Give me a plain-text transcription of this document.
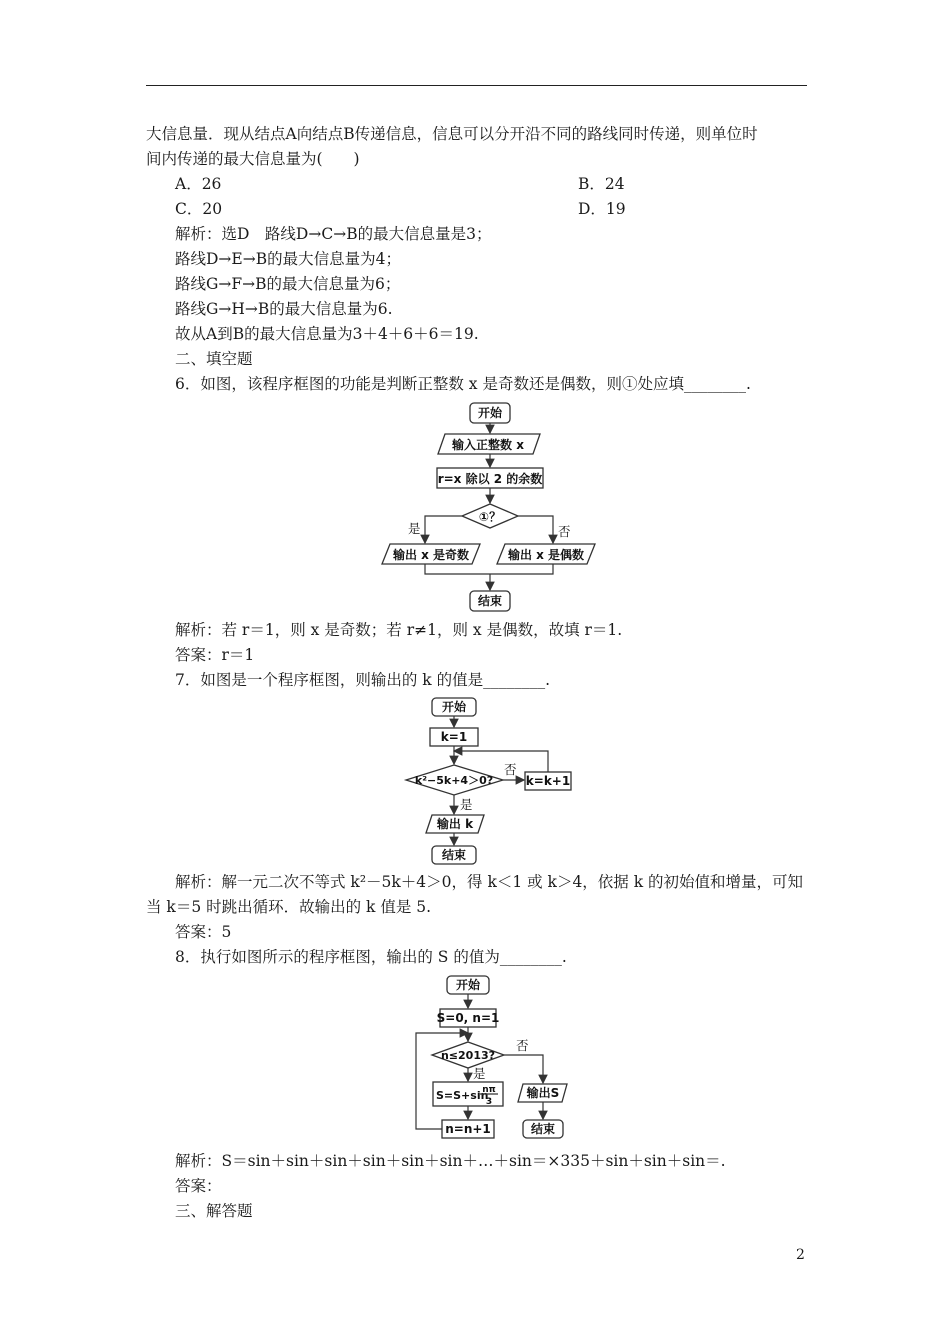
大信息量．现从结点A向结点B传递信息，信息可以分开沿不同的路线同时传递，则单位时
间内传递的最大信息量为(　　)
A．26	B．24
C．20	D．19
解析：选D　路线D→C→B的最大信息量是3；
路线D→E→B的最大信息量为4；
路线G→F→B的最大信息量为6；
路线G→H→B的最大信息量为6.
故从A到B的最大信息量为3＋4＋6＋6＝19.
二、填空题
6．如图，该程序框图的功能是判断正整数 x 是奇数还是偶数，则①处应填________.
开始
输入正整数 x
r=x 除以 2 的余数
①？
是	否
输出 x 是奇数	输出 x 是偶数
结束
解析：若 r＝1，则 x 是奇数；若 r≠1，则 x 是偶数，故填 r＝1.
答案：r＝1
7．如图是一个程序框图，则输出的 k 的值是________.
开始
k=1
k²−5k+4＞0?
否
k=k+1
是
输出 k
结束
解析：解一元二次不等式 k²－5k＋4＞0，得 k＜1 或 k＞4，依据 k 的初始值和增量，可知
当 k＝5 时跳出循环．故输出的 k 值是 5.
答案：5
8．执行如图所示的程序框图，输出的 S 的值为________.
开始
S=0, n=1
n≤2013?
否
是
S=S+sin
nπ
3
n=n+1
输出S
结束
解析：S＝sin＋sin＋sin＋sin＋sin＋sin＋…＋sin＝×335＋sin＋sin＋sin＝.
答案：
三、解答题
2
